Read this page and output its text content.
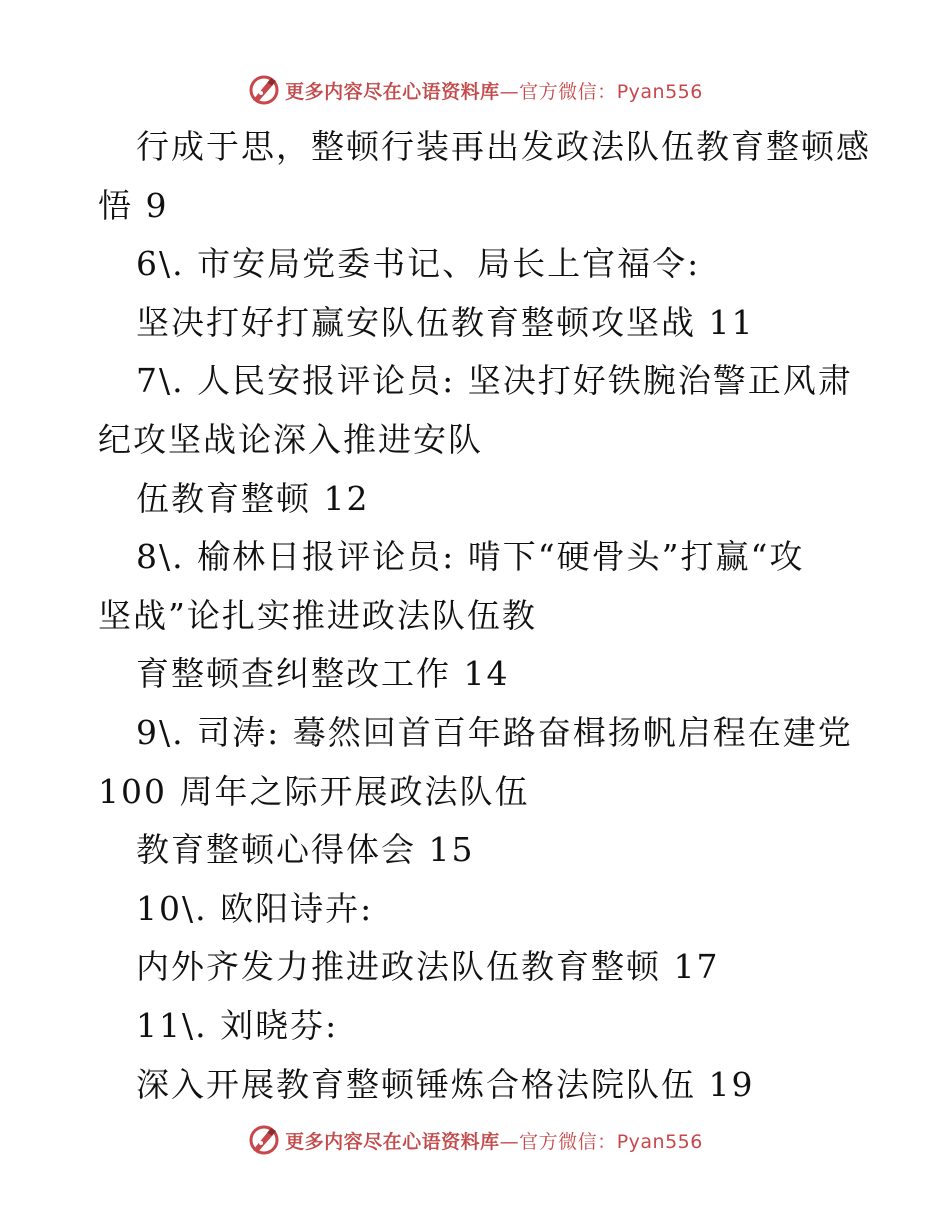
更多内容尽在心语资料库—官方微信：Pyan556
行成于思，整顿行装再出发政法队伍教育整顿感
悟 9
6\. 市安局党委书记、局长上官福令:
坚决打好打赢安队伍教育整顿攻坚战 11
7\. 人民安报评论员: 坚决打好铁腕治警正风肃
纪攻坚战论深入推进安队
伍教育整顿 12
8\. 榆林日报评论员: 啃下“硬骨头”打赢“攻
坚战”论扎实推进政法队伍教
育整顿查纠整改工作 14
9\. 司涛: 蓦然回首百年路奋楫扬帆启程在建党
100 周年之际开展政法队伍
教育整顿心得体会 15
10\. 欧阳诗卉:
内外齐发力推进政法队伍教育整顿 17
11\. 刘晓芬:
深入开展教育整顿锤炼合格法院队伍 19
更多内容尽在心语资料库—官方微信：Pyan556
